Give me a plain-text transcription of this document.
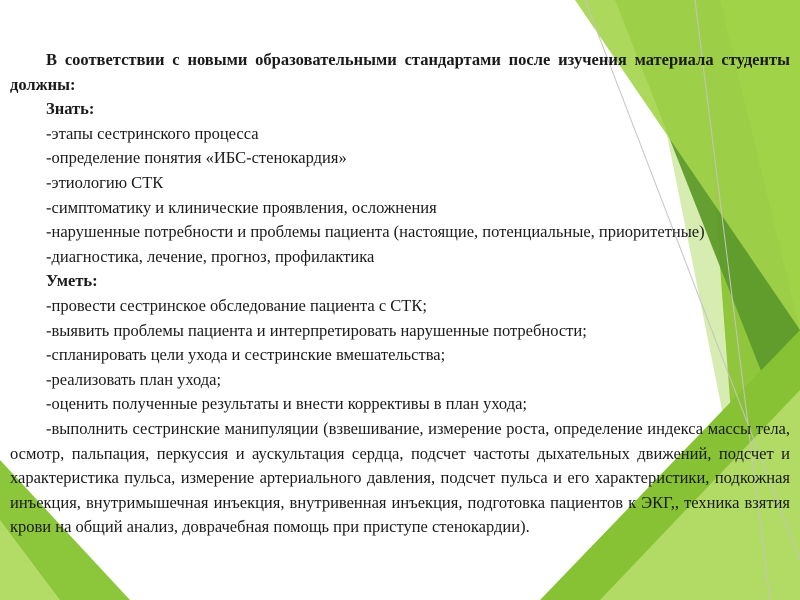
В соответствии с новыми образовательными стандартами после изучения материала студенты должны:

Знать:

-этапы сестринского процесса

-определение понятия «ИБС-стенокардия»

-этиологию СТК

-симптоматику и клинические проявления, осложнения

-нарушенные потребности и проблемы пациента (настоящие, потенциальные, приоритетные)

-диагностика, лечение, прогноз, профилактика

Уметь:

-провести сестринское обследование пациента с СТК;

-выявить проблемы пациента и интерпретировать нарушенные потребности;

-спланировать цели ухода и сестринские вмешательства;

-реализовать план ухода;

-оценить полученные результаты и внести коррективы в план ухода;

-выполнить сестринские манипуляции (взвешивание, измерение роста, определение индекса массы тела, осмотр, пальпация, перкуссия и аускультация сердца, подсчет частоты дыхательных движений, подсчет и характеристика пульса, измерение артериального давления, подсчет пульса и его характеристики, подкожная инъекция, внутримышечная инъекция, внутривенная инъекция, подготовка пациентов к ЭКГ,, техника взятия крови на общий анализ, доврачебная помощь при приступе стенокардии).
